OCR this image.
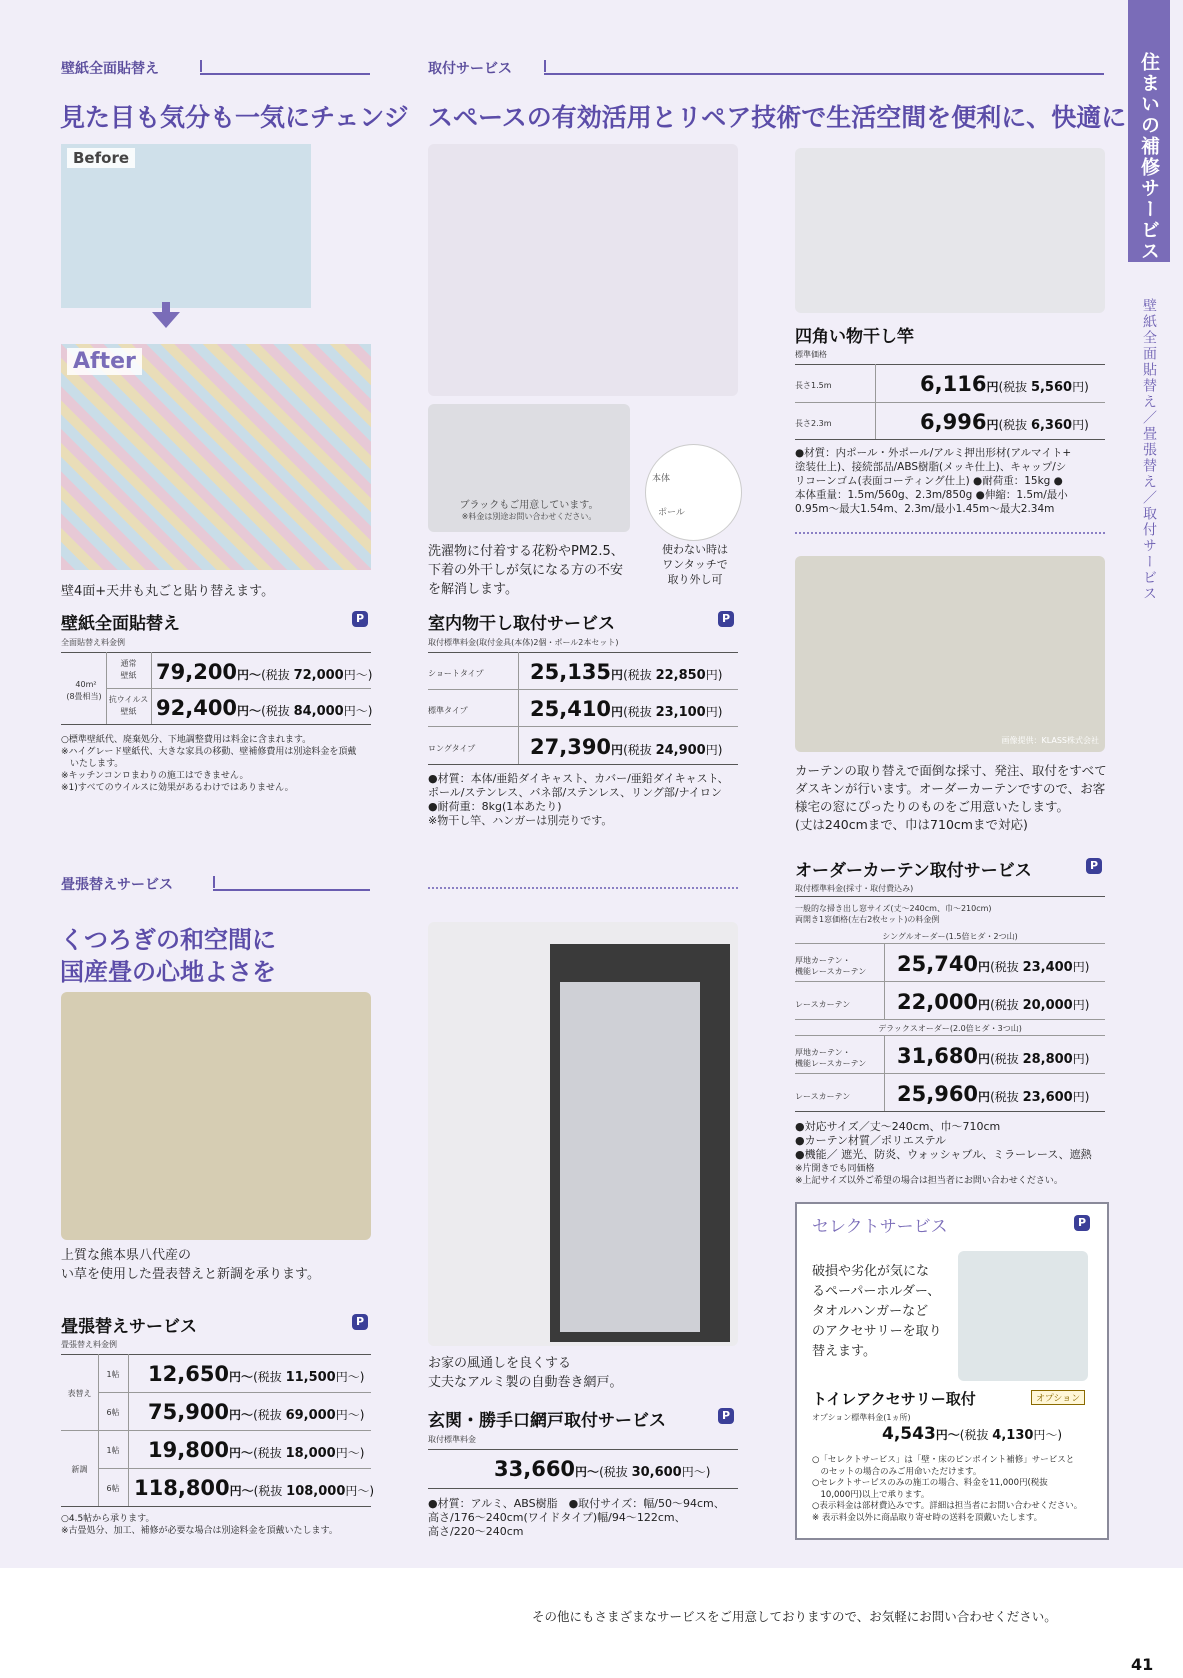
住まいの補修サービス
壁紙全面貼替え／畳張替え／取付サービス
壁紙全面貼替え
見た目も気分も一気にチェンジ
Before
After
壁4面+天井も丸ごと貼り替えます。
壁紙全面貼替え	P
全面貼替え料金例
40m²
(8畳相当)
通常
壁紙 79,200円～(税抜 72,000円～)
抗ウイルス
壁紙 92,400円～(税抜 84,000円～)
○標準壁紙代、廃棄処分、下地調整費用は料金に含まれます。
※ハイグレード壁紙代、大きな家具の移動、壁補修費用は別途料金を頂戴
　いたします。
※キッチンコンロまわりの施工はできません。
※1)すべてのウイルスに効果があるわけではありません。
取付サービス
スペースの有効活用とリペア技術で生活空間を便利に、快適に
ブラックもご用意しています。
※料金は別途お問い合わせください。
本体
ポール
使わない時は
ワンタッチで
取り外し可
洗濯物に付着する花粉やPM2.5、
下着の外干しが気になる方の不安
を解消します。
室内物干し取付サービス	P
取付標準料金(取付金具(本体)2個・ポール2本セット)
ショートタイプ 25,135円(税抜 22,850円)
標準タイプ	25,410円(税抜 23,100円)
ロングタイプ	27,390円(税抜 24,900円)
●材質：本体/亜鉛ダイキャスト、カバー/亜鉛ダイキャスト、
ポール/ステンレス、バネ部/ステンレス、リング部/ナイロン
●耐荷重：8kg(1本あたり)
※物干し竿、ハンガーは別売りです。
四角い物干し竿
標準価格
長さ1.5m	6,116円(税抜 5,560円)
長さ2.3m	6,996円(税抜 6,360円)
●材質：内ポール・外ポール/アルミ押出形材(アルマイト+
塗装仕上)、接続部品/ABS樹脂(メッキ仕上)、キャップ/シ
リコーンゴム(表面コーティング仕上) ●耐荷重：15kg ●
本体重量：1.5m/560g、2.3m/850g ●伸縮：1.5m/最小
0.95m～最大1.54m、2.3m/最小1.45m～最大2.34m
画像提供：KLASS株式会社
カーテンの取り替えで面倒な採寸、発注、取付をすべて
ダスキンが行います。オーダーカーテンですので、お客
様宅の窓にぴったりのものをご用意いたします。
(丈は240cmまで、巾は710cmまで対応)
オーダーカーテン取付サービス	P
取付標準料金(採寸・取付費込み)
一般的な掃き出し窓サイズ(丈～240cm、巾～210cm)
両開き1窓価格(左右2枚セット)の料金例
シングルオーダー(1.5倍ヒダ・2つ山)
デラックスオーダー(2.0倍ヒダ・3つ山)
厚地カーテン・
機能レースカーテン 25,740円(税抜 23,400円)
レースカーテン 22,000円(税抜 20,000円)
厚地カーテン・
機能レースカーテン 31,680円(税抜 28,800円)
レースカーテン 25,960円(税抜 23,600円)
●対応サイズ／丈～240cm、巾～710cm
●カーテン材質／ポリエステル
●機能／ 遮光、防炎、ウォッシャブル、ミラーレース、遮熱
※片開きでも同価格
※上記サイズ以外ご希望の場合は担当者にお問い合わせください。
畳張替えサービス
くつろぎの和空間に
国産畳の心地よさを
上質な熊本県八代産の
い草を使用した畳表替えと新調を承ります。
畳張替えサービス	P
畳張替え料金例
表替え
新調
1帖	12,650円～(税抜 11,500円～)
6帖	75,900円～(税抜 69,000円～)
1帖	19,800円～(税抜 18,000円～)
6帖 118,800円～(税抜 108,000円～)
○4.5帖から承ります。
※古畳処分、加工、補修が必要な場合は別途料金を頂戴いたします。
お家の風通しを良くする
丈夫なアルミ製の自動巻き網戸。
玄関・勝手口網戸取付サービス	P
取付標準料金
33,660円～(税抜 30,600円～)
●材質：アルミ、ABS樹脂　●取付サイズ：幅/50～94cm、
高さ/176～240cm(ワイドタイプ)幅/94～122cm、
高さ/220～240cm
セレクトサービス	P
破損や劣化が気にな
るペーパーホルダー、
タオルハンガーなど
のアクセサリーを取り
替えます。
トイレアクセサリー取付	オプション
オプション標準料金(1ヵ所)
4,543円～(税抜 4,130円～)
○「セレクトサービス」は「壁・床のピンポイント補修」サービスと
　のセットの場合のみご用命いただけます。
○セレクトサービスのみの施工の場合、料金を11,000円(税抜
　10,000円)以上で承ります。
○表示料金は部材費込みです。詳細は担当者にお問い合わせください。
※ 表示料金以外に商品取り寄せ時の送料を頂戴いたします。
その他にもさまざまなサービスをご用意しておりますので、お気軽にお問い合わせください。
41
